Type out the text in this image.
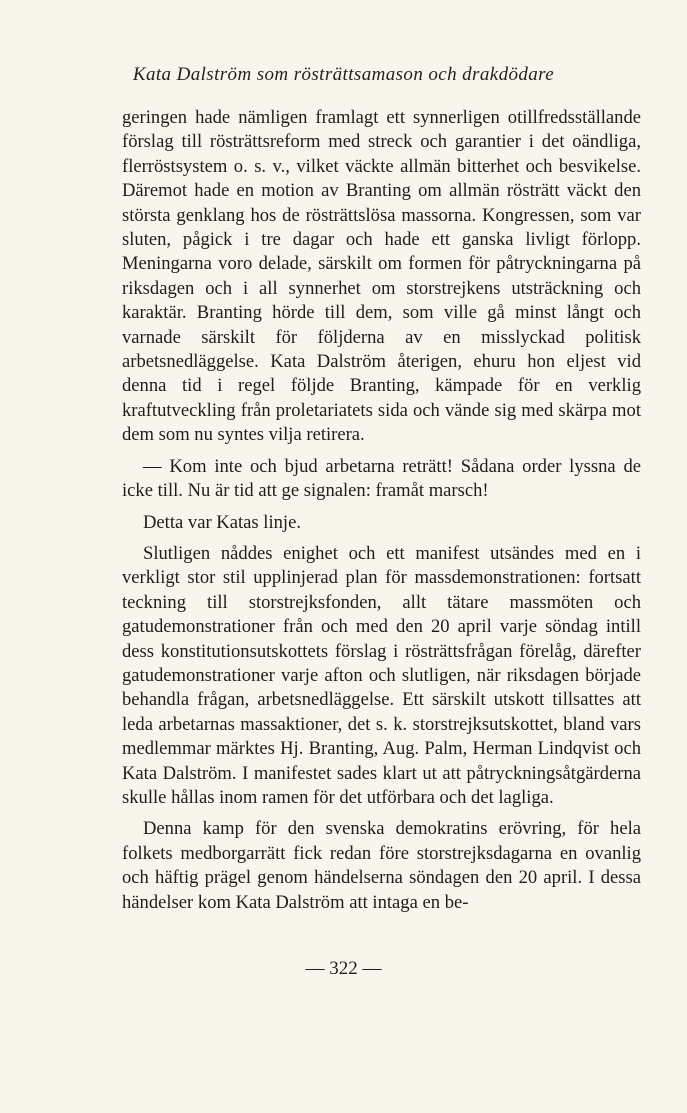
Kata Dalström som rösträttsamason och drakdödare

geringen hade nämligen framlagt ett synnerligen otillfredsställande förslag till rösträttsreform med streck och garantier i det oändliga, flerröstsystem o. s. v., vilket väckte allmän bitterhet och besvikelse. Däremot hade en motion av Branting om allmän rösträtt väckt den största genklang hos de rösträttslösa massorna. Kongressen, som var sluten, pågick i tre dagar och hade ett ganska livligt förlopp. Meningarna voro delade, särskilt om formen för påtryckningarna på riksdagen och i all synnerhet om storstrejkens utsträckning och karaktär. Branting hörde till dem, som ville gå minst långt och varnade särskilt för följderna av en misslyckad politisk arbetsnedläggelse. Kata Dalström återigen, ehuru hon eljest vid denna tid i regel följde Branting, kämpade för en verklig kraftutveckling från proletariatets sida och vände sig med skärpa mot dem som nu syntes vilja retirera.

— Kom inte och bjud arbetarna reträtt! Sådana order lyssna de icke till. Nu är tid att ge signalen: framåt marsch!

Detta var Katas linje.

Slutligen nåddes enighet och ett manifest utsändes med en i verkligt stor stil upplinjerad plan för massdemonstrationen: fortsatt teckning till storstrejksfonden, allt tätare massmöten och gatudemonstrationer från och med den 20 april varje söndag intill dess konstitutionsutskottets förslag i rösträttsfrågan förelåg, därefter gatudemonstrationer varje afton och slutligen, när riksdagen började behandla frågan, arbetsnedläggelse. Ett särskilt utskott tillsattes att leda arbetarnas massaktioner, det s. k. storstrejksutskottet, bland vars medlemmar märktes Hj. Branting, Aug. Palm, Herman Lindqvist och Kata Dalström. I manifestet sades klart ut att påtryckningsåtgärderna skulle hållas inom ramen för det utförbara och det lagliga.

Denna kamp för den svenska demokratins erövring, för hela folkets medborgarrätt fick redan före storstrejksdagarna en ovanlig och häftig prägel genom händelserna söndagen den 20 april. I dessa händelser kom Kata Dalström att intaga en be-

— 322 —
